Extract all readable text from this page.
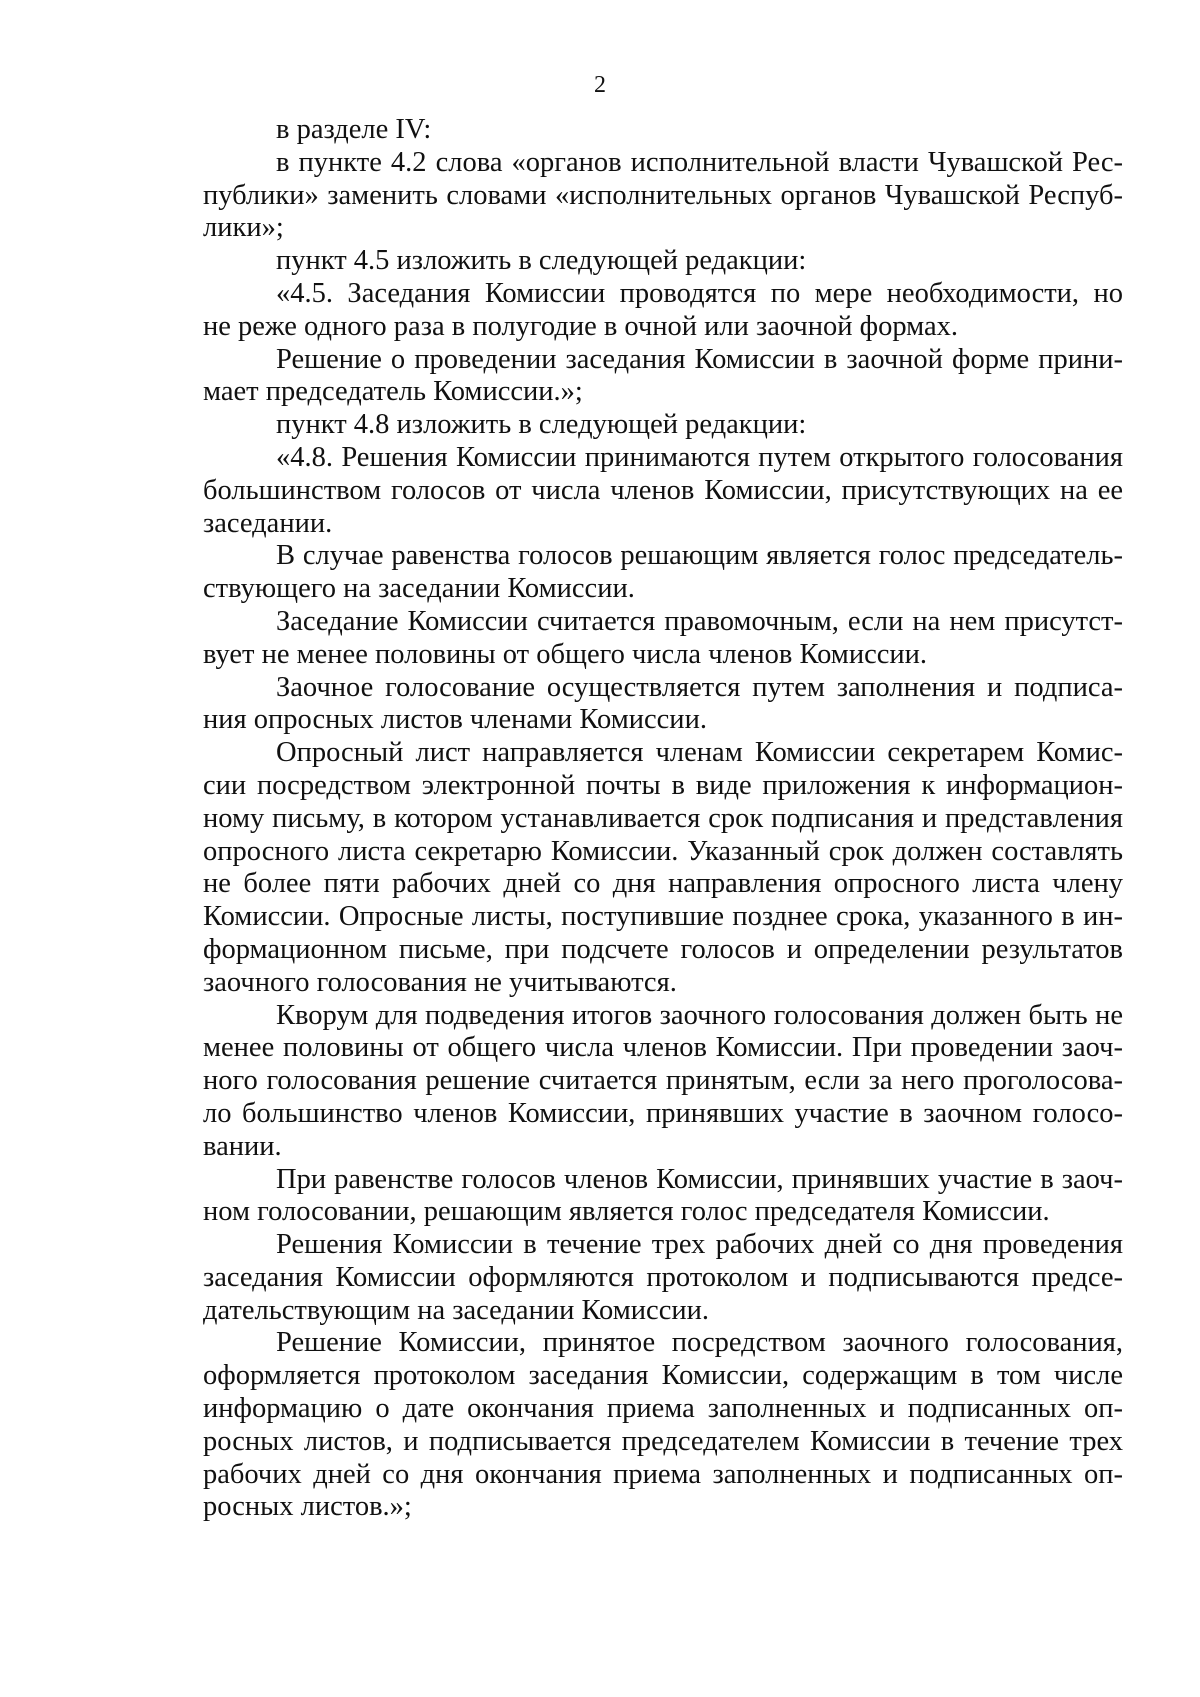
2

в разделе IV:

в пункте 4.2 слова «органов исполнительной власти Чувашской Рес-
публики» заменить словами «исполнительных органов Чувашской Респуб-
лики»;

пункт 4.5 изложить в следующей редакции:

«4.5. Заседания Комиссии проводятся по мере необходимости, но
не реже одного раза в полугодие в очной или заочной формах.

Решение о проведении заседания Комиссии в заочной форме прини-
мает председатель Комиссии.»;

пункт 4.8 изложить в следующей редакции:

«4.8. Решения Комиссии принимаются путем открытого голосования
большинством голосов от числа членов Комиссии, присутствующих на ее
заседании.

В случае равенства голосов решающим является голос председатель-
ствующего на заседании Комиссии.

Заседание Комиссии считается правомочным, если на нем присутст-
вует не менее половины от общего числа членов Комиссии.

Заочное голосование осуществляется путем заполнения и подписа-
ния опросных листов членами Комиссии.

Опросный лист направляется членам Комиссии секретарем Комис-
сии посредством электронной почты в виде приложения к информацион-
ному письму, в котором устанавливается срок подписания и представления
опросного листа секретарю Комиссии. Указанный срок должен составлять
не более пяти рабочих дней со дня направления опросного листа члену
Комиссии. Опросные листы, поступившие позднее срока, указанного в ин-
формационном письме, при подсчете голосов и определении результатов
заочного голосования не учитываются.

Кворум для подведения итогов заочного голосования должен быть не
менее половины от общего числа членов Комиссии. При проведении заоч-
ного голосования решение считается принятым, если за него проголосова-
ло большинство членов Комиссии, принявших участие в заочном голосо-
вании.

При равенстве голосов членов Комиссии, принявших участие в заоч-
ном голосовании, решающим является голос председателя Комиссии.

Решения Комиссии в течение трех рабочих дней со дня проведения
заседания Комиссии оформляются протоколом и подписываются предсе-
дательствующим на заседании Комиссии.

Решение Комиссии, принятое посредством заочного голосования,
оформляется протоколом заседания Комиссии, содержащим в том числе
информацию о дате окончания приема заполненных и подписанных оп-
росных листов, и подписывается председателем Комиссии в течение трех
рабочих дней со дня окончания приема заполненных и подписанных оп-
росных листов.»;
